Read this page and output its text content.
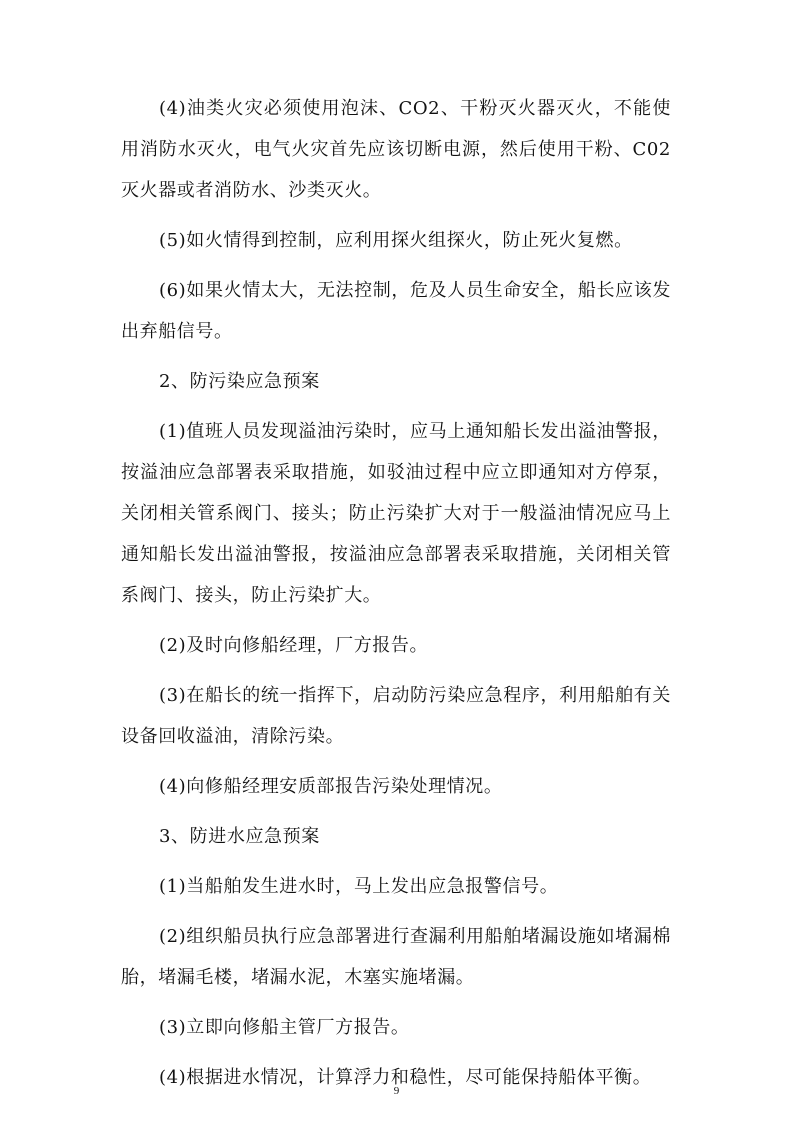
(4)油类火灾必须使用泡沫、CO2、干粉灭火器灭火，不能使用消防水灭火，电气火灾首先应该切断电源，然后使用干粉、C02灭火器或者消防水、沙类灭火。

(5)如火情得到控制，应利用探火组探火，防止死火复燃。

(6)如果火情太大，无法控制，危及人员生命安全，船长应该发出弃船信号。

2、防污染应急预案

(1)值班人员发现溢油污染时，应马上通知船长发出溢油警报，按溢油应急部署表采取措施，如驳油过程中应立即通知对方停泵，关闭相关管系阀门、接头；防止污染扩大对于一般溢油情况应马上通知船长发出溢油警报，按溢油应急部署表采取措施，关闭相关管系阀门、接头，防止污染扩大。

(2)及时向修船经理，厂方报告。

(3)在船长的统一指挥下，启动防污染应急程序，利用船舶有关设备回收溢油，清除污染。

(4)向修船经理安质部报告污染处理情况。

3、防进水应急预案

(1)当船舶发生进水时，马上发出应急报警信号。

(2)组织船员执行应急部署进行查漏利用船舶堵漏设施如堵漏棉胎，堵漏毛楼，堵漏水泥，木塞实施堵漏。

(3)立即向修船主管厂方报告。

(4)根据进水情况，计算浮力和稳性，尽可能保持船体平衡。

9
